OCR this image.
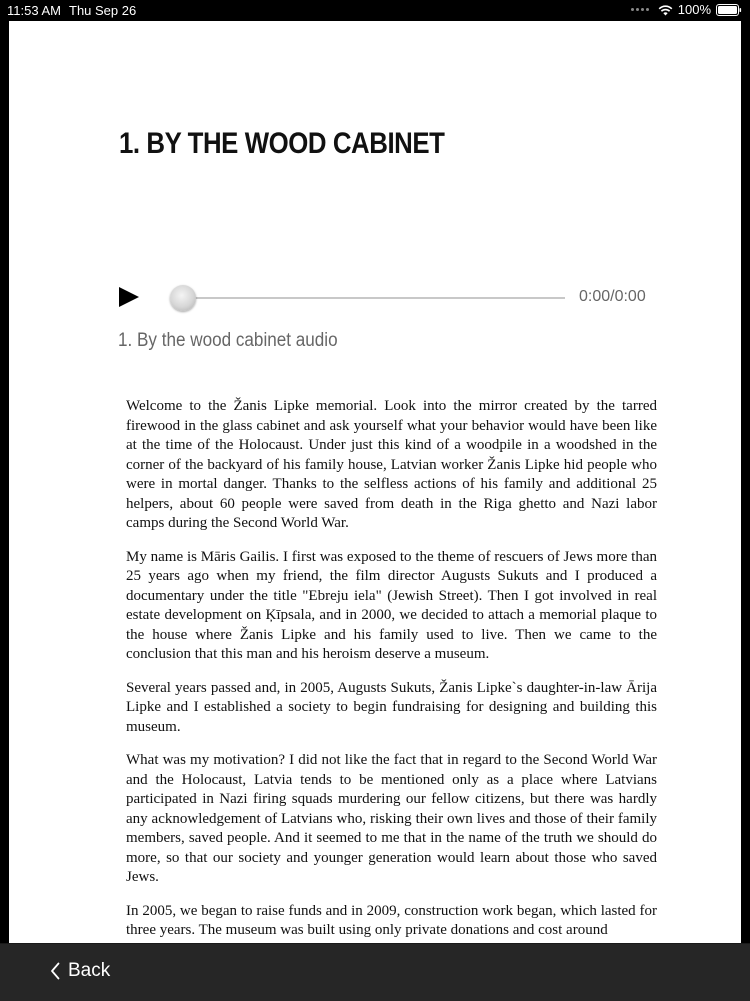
11:53 AM Thu Sep 26	100%
1. BY THE WOOD CABINET
0:00/0:00
1. By the wood cabinet audio

Welcome to the Žanis Lipke memorial. Look into the mirror created by the tarred firewood in the glass cabinet and ask yourself what your behavior would have been like at the time of the Holocaust. Under just this kind of a woodpile in a woodshed in the corner of the backyard of his family house, Latvian worker Žanis Lipke hid people who were in mortal danger. Thanks to the selfless actions of his family and additional 25 helpers, about 60 people were saved from death in the Riga ghetto and Nazi labor camps during the Second World War.

My name is Māris Gailis. I first was exposed to the theme of rescuers of Jews more than 25 years ago when my friend, the film director Augusts Sukuts and I produced a documentary under the title "Ebreju iela" (Jewish Street). Then I got involved in real estate development on Ķīpsala, and in 2000, we decided to attach a memorial plaque to the house where Žanis Lipke and his family used to live. Then we came to the conclusion that this man and his heroism deserve a museum.

Several years passed and, in 2005, Augusts Sukuts, Žanis Lipke`s daughter-in-law Ārija Lipke and I established a society to begin fundraising for designing and building this museum.

What was my motivation? I did not like the fact that in regard to the Second World War and the Holocaust, Latvia tends to be mentioned only as a place where Latvians participated in Nazi firing squads murdering our fellow citizens, but there was hardly any acknowledgement of Latvians who, risking their own lives and those of their family members, saved people. And it seemed to me that in the name of the truth we should do more, so that our society and younger generation would learn about those who saved Jews.

In 2005, we began to raise funds and in 2009, construction work began, which lasted for three years. The museum was built using only private donations and cost around

Back
